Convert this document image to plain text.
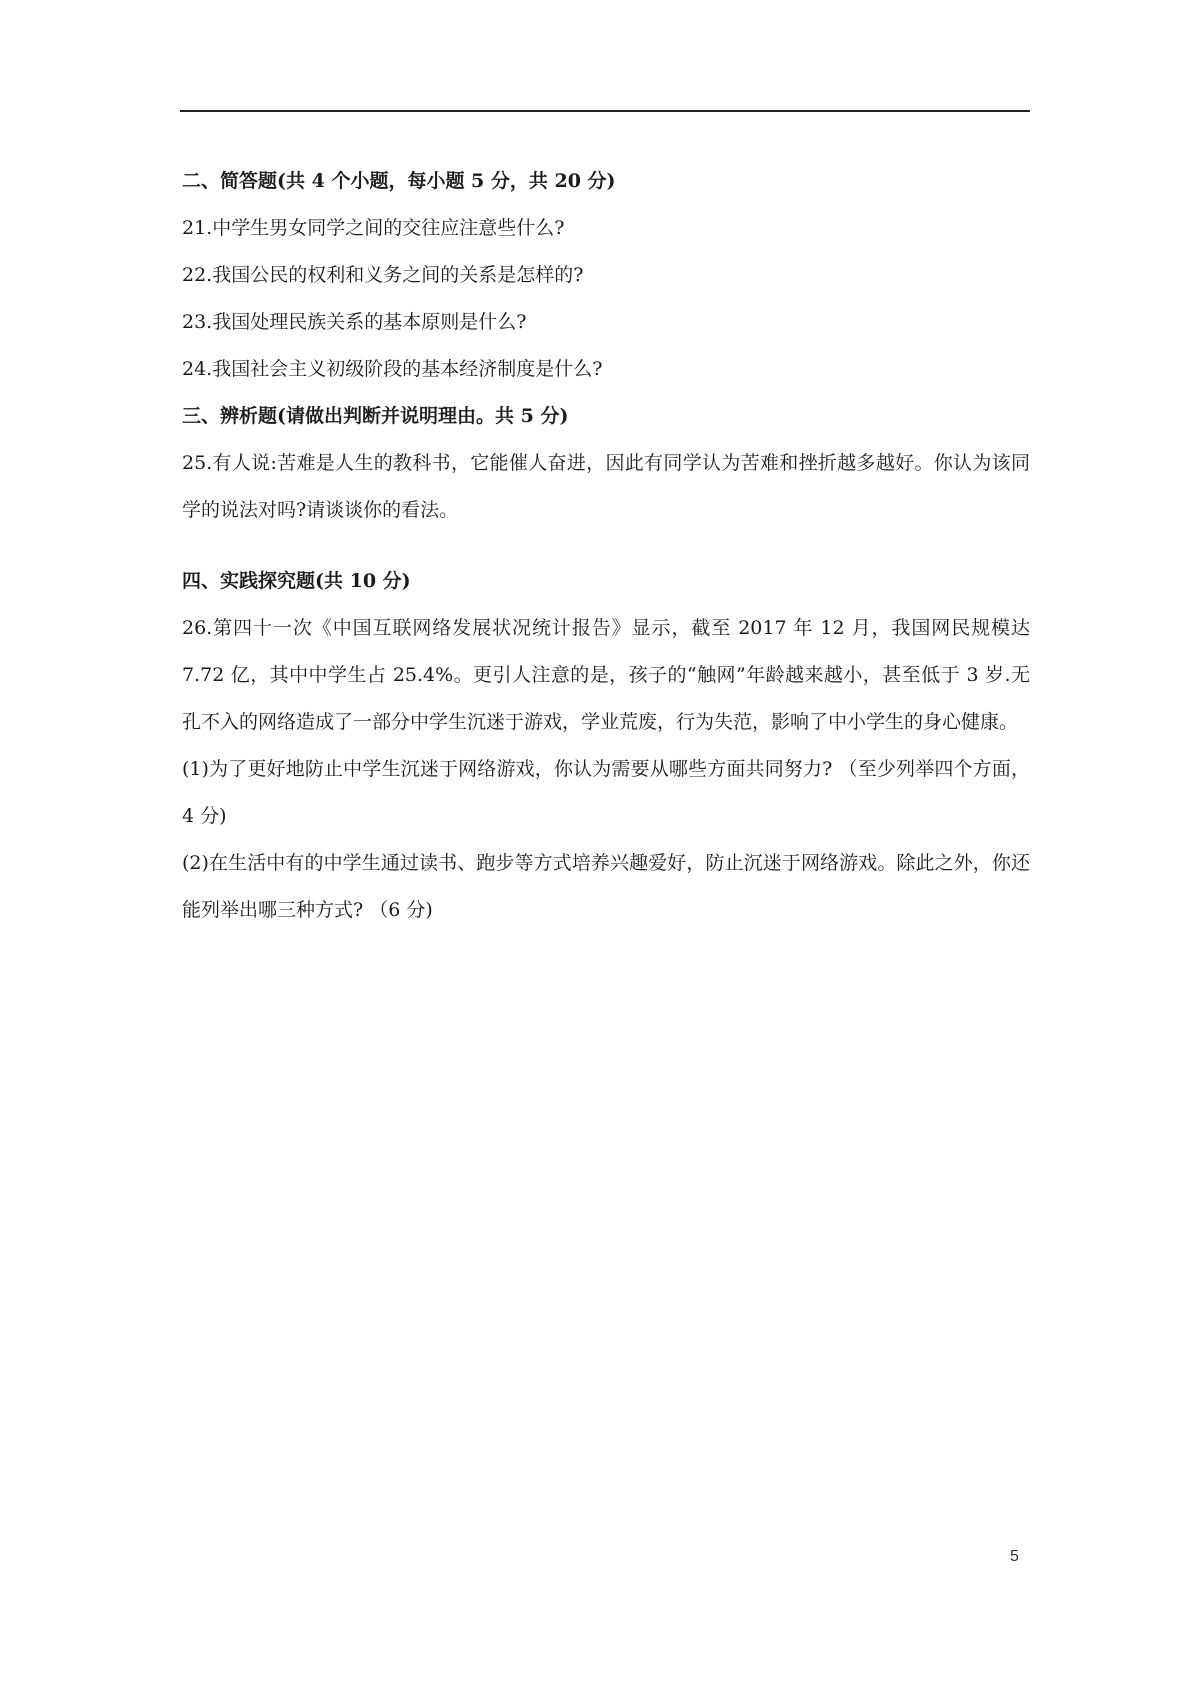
二、简答题(共 4 个小题，每小题 5 分，共 20 分)

21.中学生男女同学之间的交往应注意些什么?

22.我国公民的权利和义务之间的关系是怎样的?

23.我国处理民族关系的基本原则是什么?

24.我国社会主义初级阶段的基本经济制度是什么?

三、辨析题(请做出判断并说明理由。共 5 分)

25.有人说:苦难是人生的教科书，它能催人奋进，因此有同学认为苦难和挫折越多越好。你认为该同学的说法对吗?请谈谈你的看法。

四、实践探究题(共 10 分)

26.第四十一次《中国互联网络发展状况统计报告》显示，截至 2017 年 12 月，我国网民规模达 7.72 亿，其中中学生占 25.4%。更引人注意的是，孩子的“触网”年龄越来越小，甚至低于 3 岁.无孔不入的网络造成了一部分中学生沉迷于游戏，学业荒废，行为失范，影响了中小学生的身心健康。

(1)为了更好地防止中学生沉迷于网络游戏，你认为需要从哪些方面共同努力? （至少列举四个方面，4 分)

(2)在生活中有的中学生通过读书、跑步等方式培养兴趣爱好，防止沉迷于网络游戏。除此之外，你还能列举出哪三种方式? （6 分)

5
